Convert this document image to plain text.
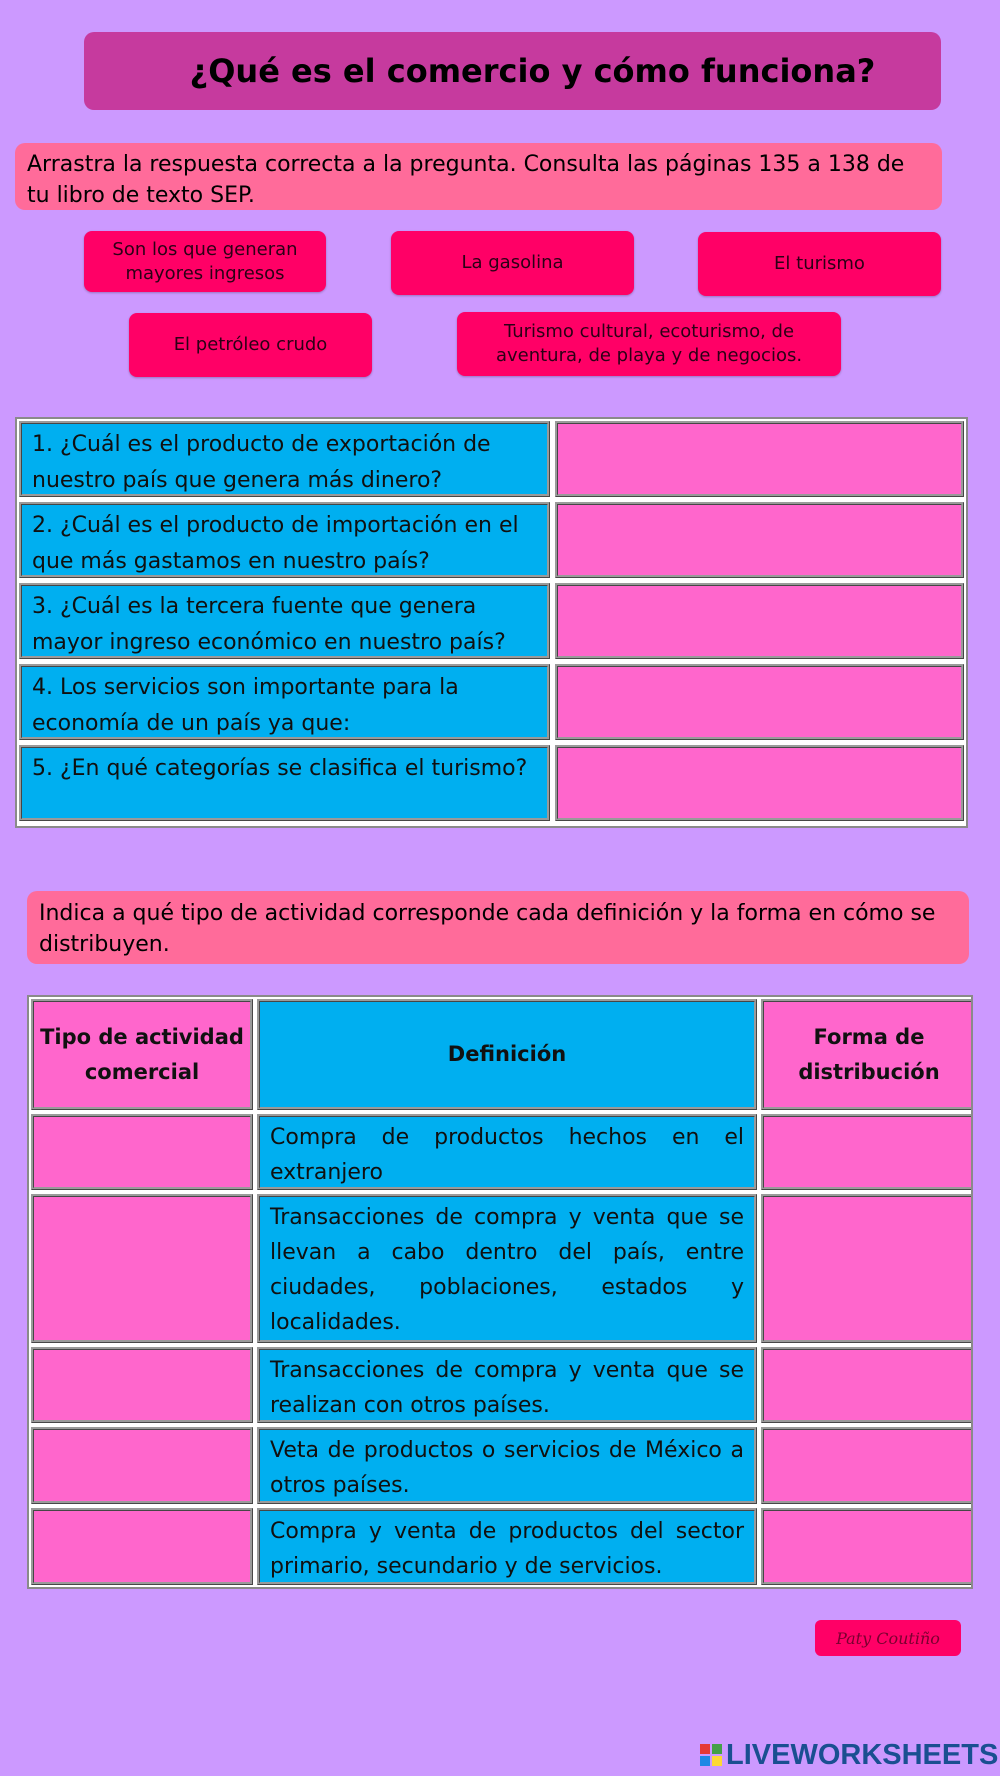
¿Qué es el comercio y cómo funciona?
Arrastra la respuesta correcta a la pregunta. Consulta las páginas 135 a 138 de tu libro de texto SEP.
Son los que generan mayores ingresos	La gasolina	El turismo
El petróleo crudo
Turismo cultural, ecoturismo, de aventura, de playa y de negocios.
1. ¿Cuál es el producto de exportación de nuestro país que genera más dinero?
2. ¿Cuál es el producto de importación en el que más gastamos en nuestro país?
3. ¿Cuál es la tercera fuente que genera mayor ingreso económico en nuestro país?
4. Los servicios son importante para la economía de un país ya que:
5. ¿En qué categorías se clasifica el turismo?
Indica a qué tipo de actividad corresponde cada definición y la forma en cómo se distribuyen.
Tipo de actividad comercial
Definición
Forma de distribución
Compra de productos hechos en el extranjero
Transacciones de compra y venta que se llevan a cabo dentro del país, entre ciudades, poblaciones, estados y localidades.
Transacciones de compra y venta que se realizan con otros países.
Veta de productos o servicios de México a otros países.
Compra y venta de productos del sector primario, secundario y de servicios.
Paty Coutiño
LIVEWORKSHEETS
